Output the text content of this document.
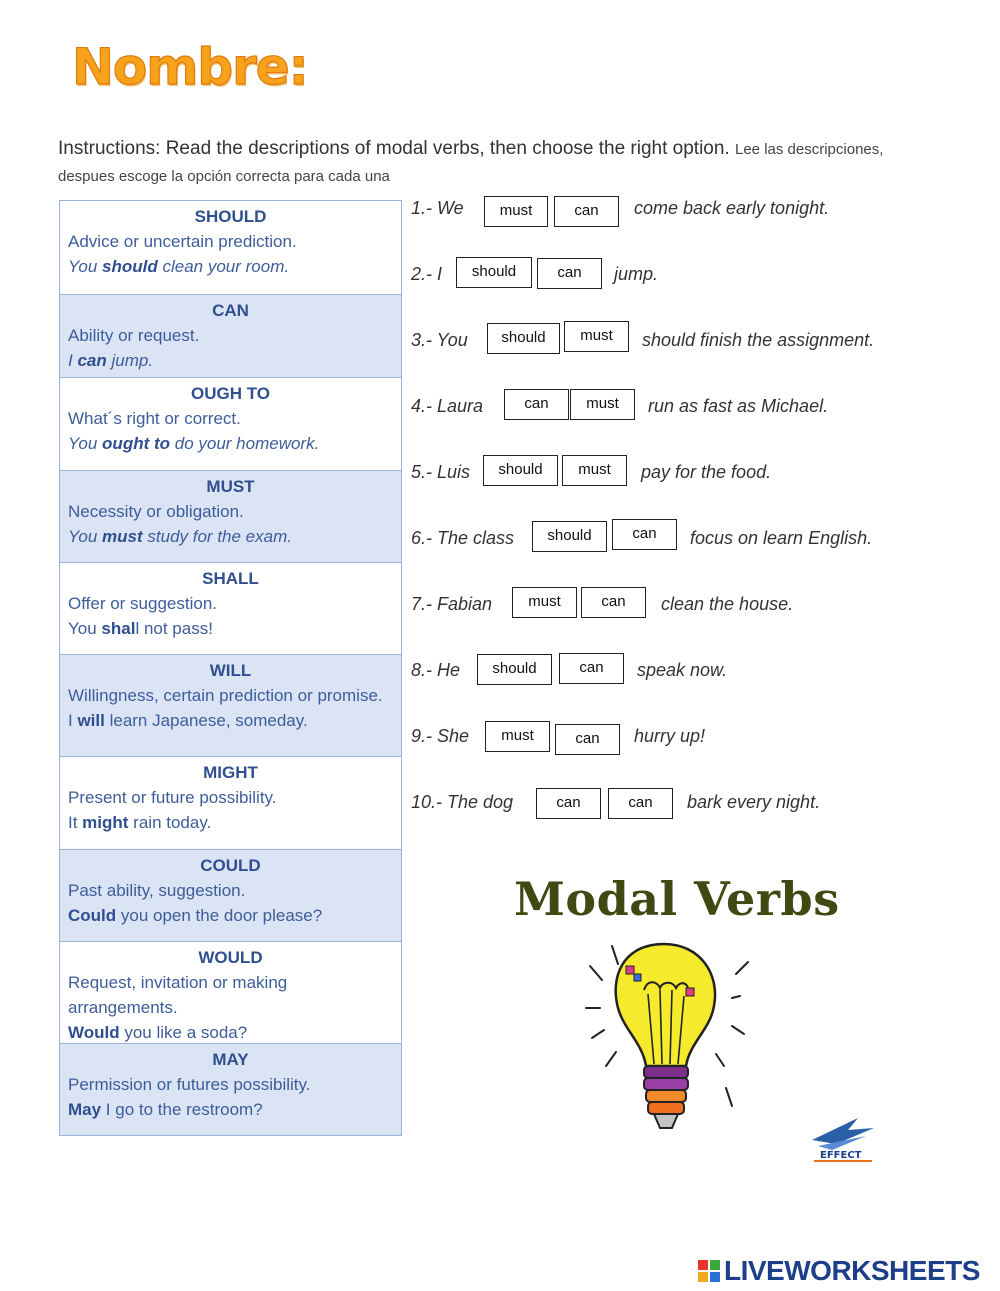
Nombre:

Instructions: Read the descriptions of modal verbs, then choose the right option. Lee las descripciones, despues escoge la opción correcta para cada una

SHOULD
Advice or uncertain prediction.
You should clean your room.
CAN
Ability or request.
I can jump.
OUGH TO
What´s right or correct.
You ought to do your homework.
MUST
Necessity or obligation.
You must study for the exam.
SHALL
Offer or suggestion.
You shall not pass!
WILL
Willingness, certain prediction or promise.
I will learn Japanese, someday.
MIGHT
Present or future possibility.
It might rain today.
COULD
Past ability, suggestion.
Could you open the door please?
WOULD
Request, invitation or making arrangements.
Would you like a soda?
MAY
Permission or futures possibility.
May I go to the restroom?
1.- We	must	can	come back early tonight.
2.- I	should	can	jump.
3.- You	should	must	should finish the assignment.
4.- Laura	can	must	run as fast as Michael.
5.- Luis	should	must	pay for the food.
6.- The class	should	can	focus on learn English.
7.- Fabian	must	can	clean the house.
8.- He	should	can	speak now.
9.- She	must	can	hurry up!
10.- The dog	can	can	bark every night.
Modal Verbs
EFFECT
LIVEWORKSHEETS
